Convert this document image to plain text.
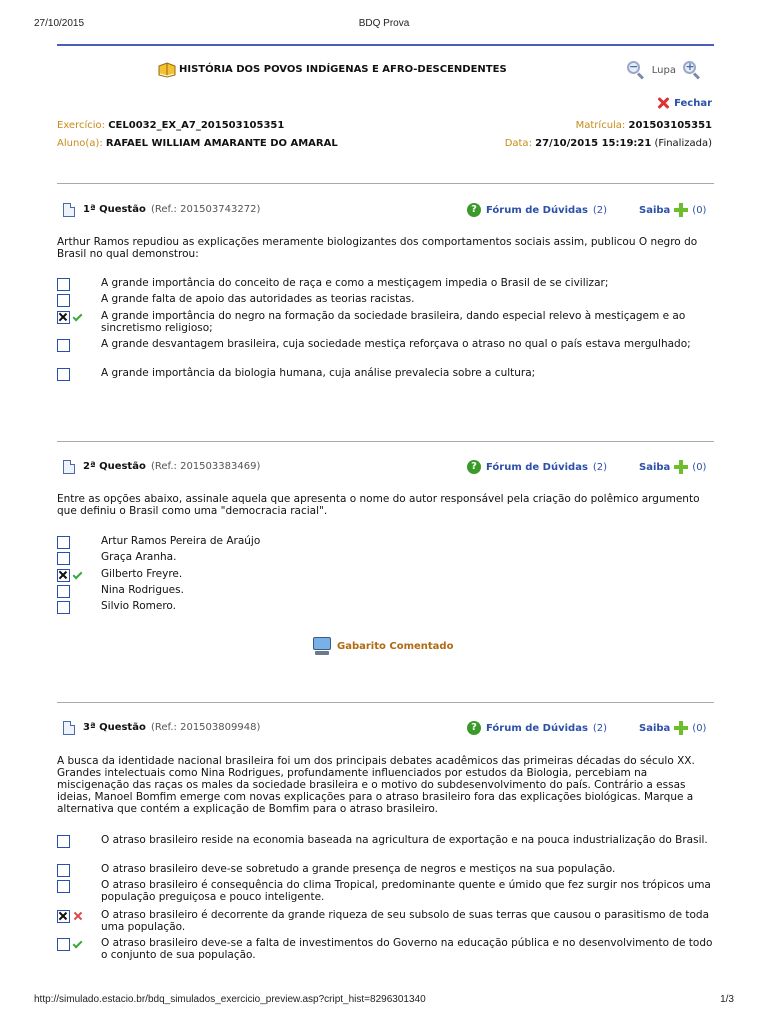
27/10/2015	BDQ Prova
HISTÓRIA DOS POVOS INDÍGENAS E AFRO-DESCENDENTES	− Lupa +
Fechar
Exercício: CEL0032_EX_A7_201503105351	Matrícula: 201503105351
Aluno(a): RAFAEL WILLIAM AMARANTE DO AMARAL	Data: 27/10/2015 15:19:21 (Finalizada)
1ª Questão (Ref.: 201503743272)	? Fórum de Dúvidas (2)	Saiba (0)
Arthur Ramos repudiou as explicações meramente biologizantes dos comportamentos sociais assim, publicou O negro do Brasil no qual demonstrou:
A grande importância do conceito de raça e como a mestiçagem impedia o Brasil de se civilizar;
A grande falta de apoio das autoridades as teorias racistas.
A grande importância do negro na formação da sociedade brasileira, dando especial relevo à mestiçagem e ao sincretismo religioso;
A grande desvantagem brasileira, cuja sociedade mestiça reforçava o atraso no qual o país estava mergulhado;
A grande importância da biologia humana, cuja análise prevalecia sobre a cultura;
2ª Questão (Ref.: 201503383469)	? Fórum de Dúvidas (2)	Saiba (0)
Entre as opções abaixo, assinale aquela que apresenta o nome do autor responsável pela criação do polêmico argumento que definiu o Brasil como uma "democracia racial".
Artur Ramos Pereira de Araújo
Graça Aranha.
Gilberto Freyre.
Nina Rodrigues.
Silvio Romero.
Gabarito Comentado
3ª Questão (Ref.: 201503809948)	? Fórum de Dúvidas (2)	Saiba (0)
A busca da identidade nacional brasileira foi um dos principais debates acadêmicos das primeiras décadas do século XX. Grandes intelectuais como Nina Rodrigues, profundamente influenciados por estudos da Biologia, percebiam na miscigenação das raças os males da sociedade brasileira e o motivo do subdesenvolvimento do país. Contrário a essas ideias, Manoel Bomfim emerge com novas explicações para o atraso brasileiro fora das explicações biológicas. Marque a alternativa que contém a explicação de Bomfim para o atraso brasileiro.
O atraso brasileiro reside na economia baseada na agricultura de exportação e na pouca industrialização do Brasil.
O atraso brasileiro deve-se sobretudo a grande presença de negros e mestiços na sua população.
O atraso brasileiro é consequência do clima Tropical, predominante quente e úmido que fez surgir nos trópicos uma população preguiçosa e pouco inteligente.
O atraso brasileiro é decorrente da grande riqueza de seu subsolo de suas terras que causou o parasitismo de toda uma população.
O atraso brasileiro deve-se a falta de investimentos do Governo na educação pública e no desenvolvimento de todo o conjunto de sua população.
http://simulado.estacio.br/bdq_simulados_exercicio_preview.asp?cript_hist=8296301340	1/3
